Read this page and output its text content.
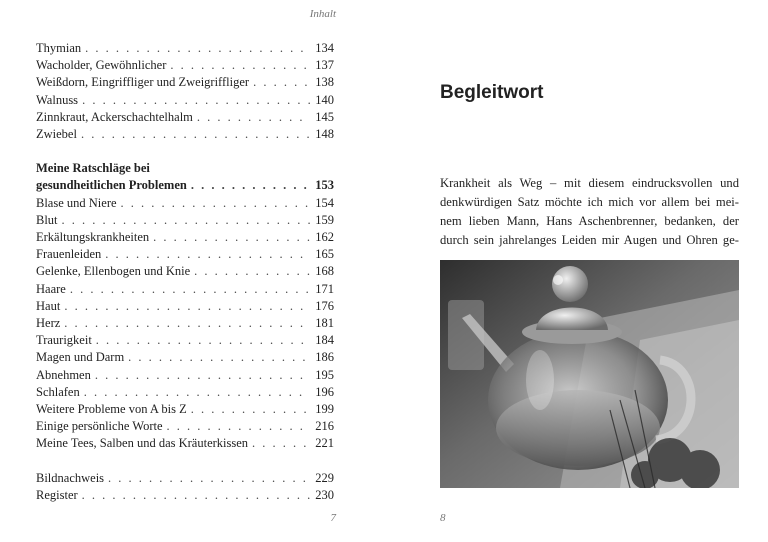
Inhalt
Thymian . . .	134
Wacholder, Gewöhnlicher . . .	137
Weißdorn, Eingriffliger und Zweigriffliger . . .	138
Walnuss . . .	140
Zinnkraut, Ackerschachtelhalm . . .	145
Zwiebel . . .	148
Meine Ratschläge bei
gesundheitlichen Problemen . . .	153
Blase und Niere . . .	154
Blut . . .	159
Erkältungskrankheiten . . .	162
Frauenleiden . . .	165
Gelenke, Ellenbogen und Knie . . .	168
Haare . . .	171
Haut . . .	176
Herz . . .	181
Traurigkeit . . .	184
Magen und Darm . . .	186
Abnehmen . . .	195
Schlafen . . .	196
Weitere Probleme von A bis Z . . .	199
Einige persönliche Worte . . .	216
Meine Tees, Salben und das Kräuterkissen . . .	221
Bildnachweis . . .	229
Register . . .	230
7
Begleitwort
Krankheit als Weg – mit diesem eindrucksvollen und
denkwürdigen Satz möchte ich mich vor allem bei mei-
nem lieben Mann, Hans Aschenbrenner, bedanken, der
durch sein jahrelanges Leiden mir Augen und Ohren ge-
8
